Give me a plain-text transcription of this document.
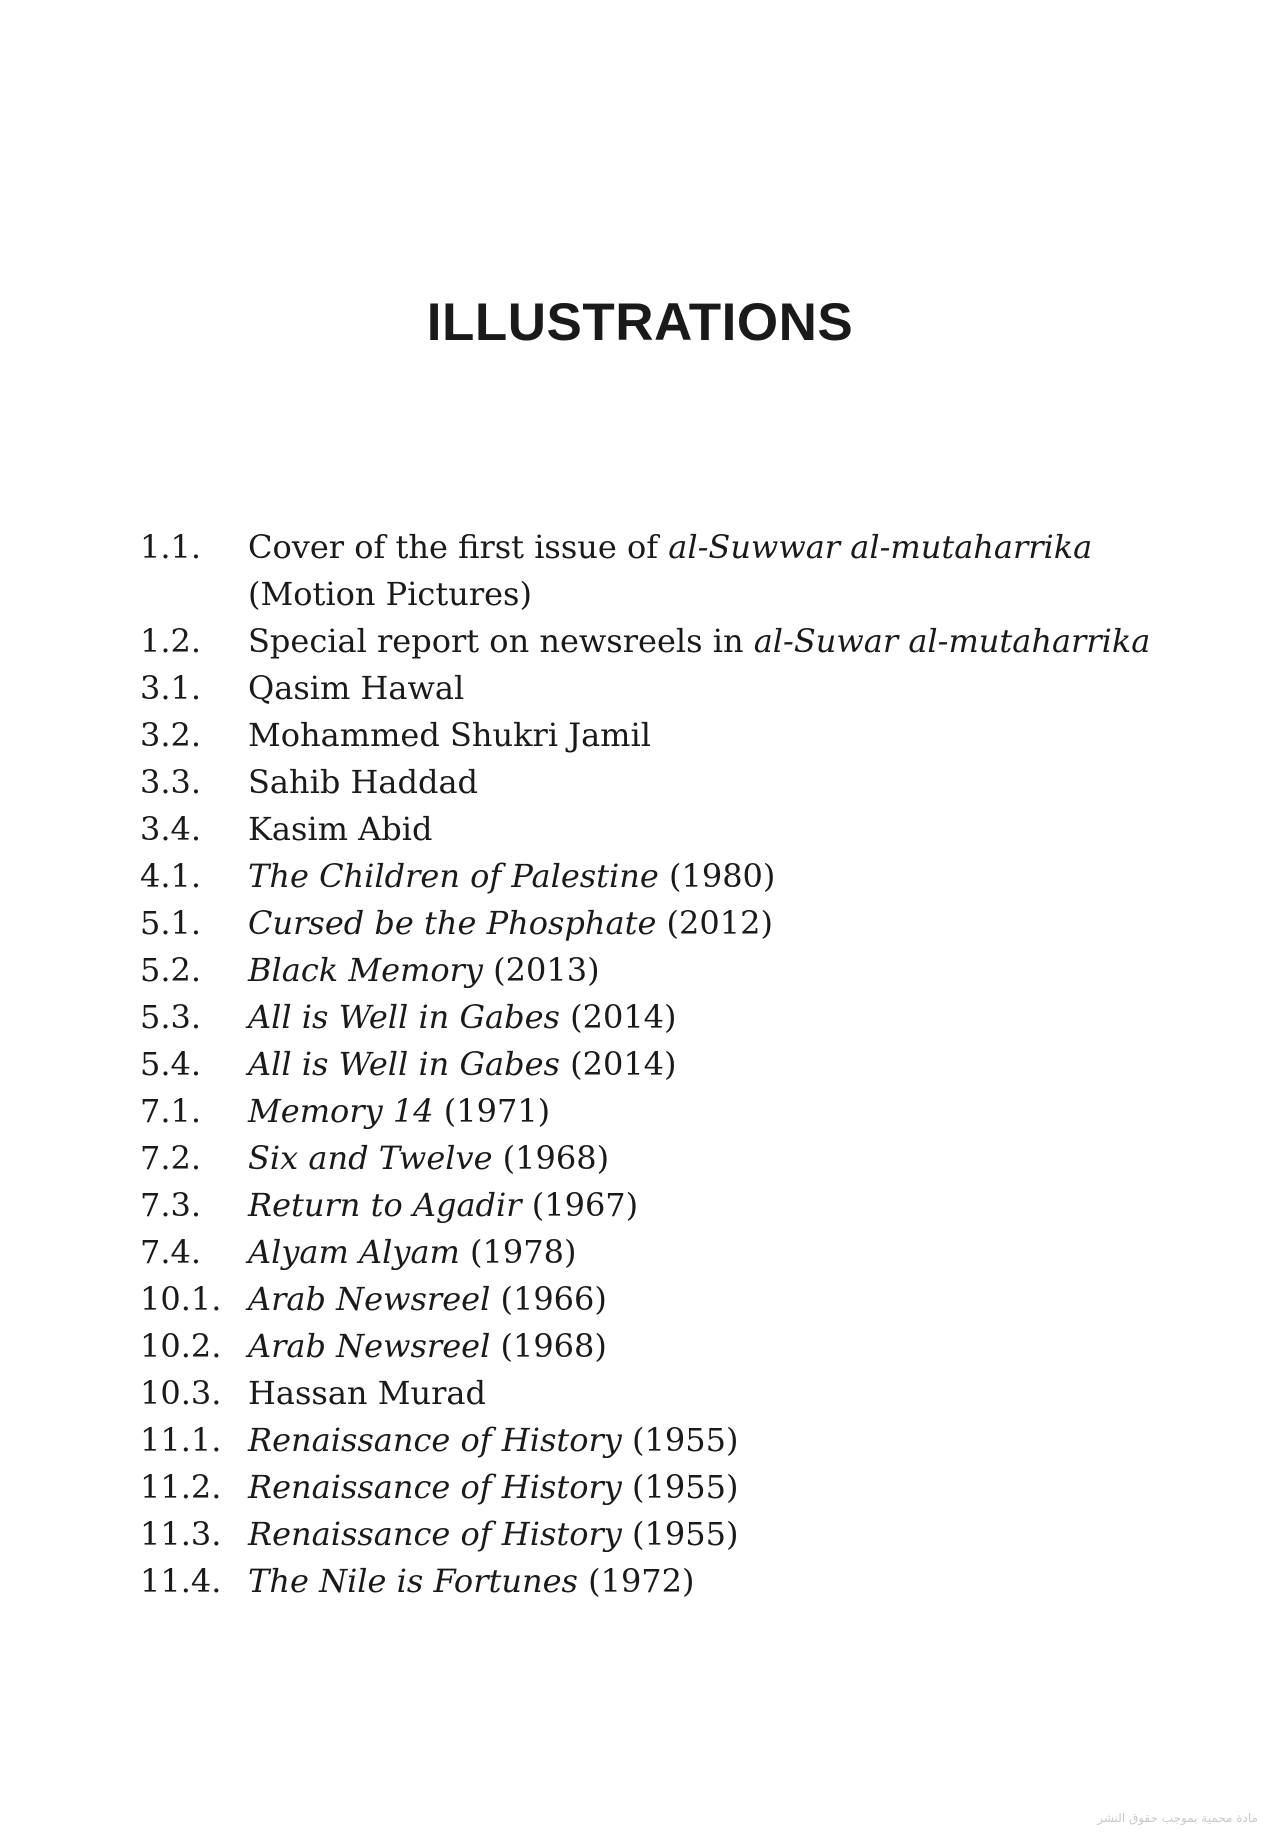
ILLUSTRATIONS
1.1.	Cover of the first issue of al-Suwwar al-mutaharrika (Motion Pictures)
1.2.	Special report on newsreels in al-Suwar al-mutaharrika
3.1.	Qasim Hawal
3.2.	Mohammed Shukri Jamil
3.3.	Sahib Haddad
3.4.	Kasim Abid
4.1.	The Children of Palestine (1980)
5.1.	Cursed be the Phosphate (2012)
5.2.	Black Memory (2013)
5.3.	All is Well in Gabes (2014)
5.4.	All is Well in Gabes (2014)
7.1.	Memory 14 (1971)
7.2.	Six and Twelve (1968)
7.3.	Return to Agadir (1967)
7.4.	Alyam Alyam (1978)
10.1. Arab Newsreel (1966)
10.2. Arab Newsreel (1968)
10.3. Hassan Murad
11.1. Renaissance of History (1955)
11.2. Renaissance of History (1955)
11.3. Renaissance of History (1955)
11.4. The Nile is Fortunes (1972)
مادة محمية بموجب حقوق النشر
